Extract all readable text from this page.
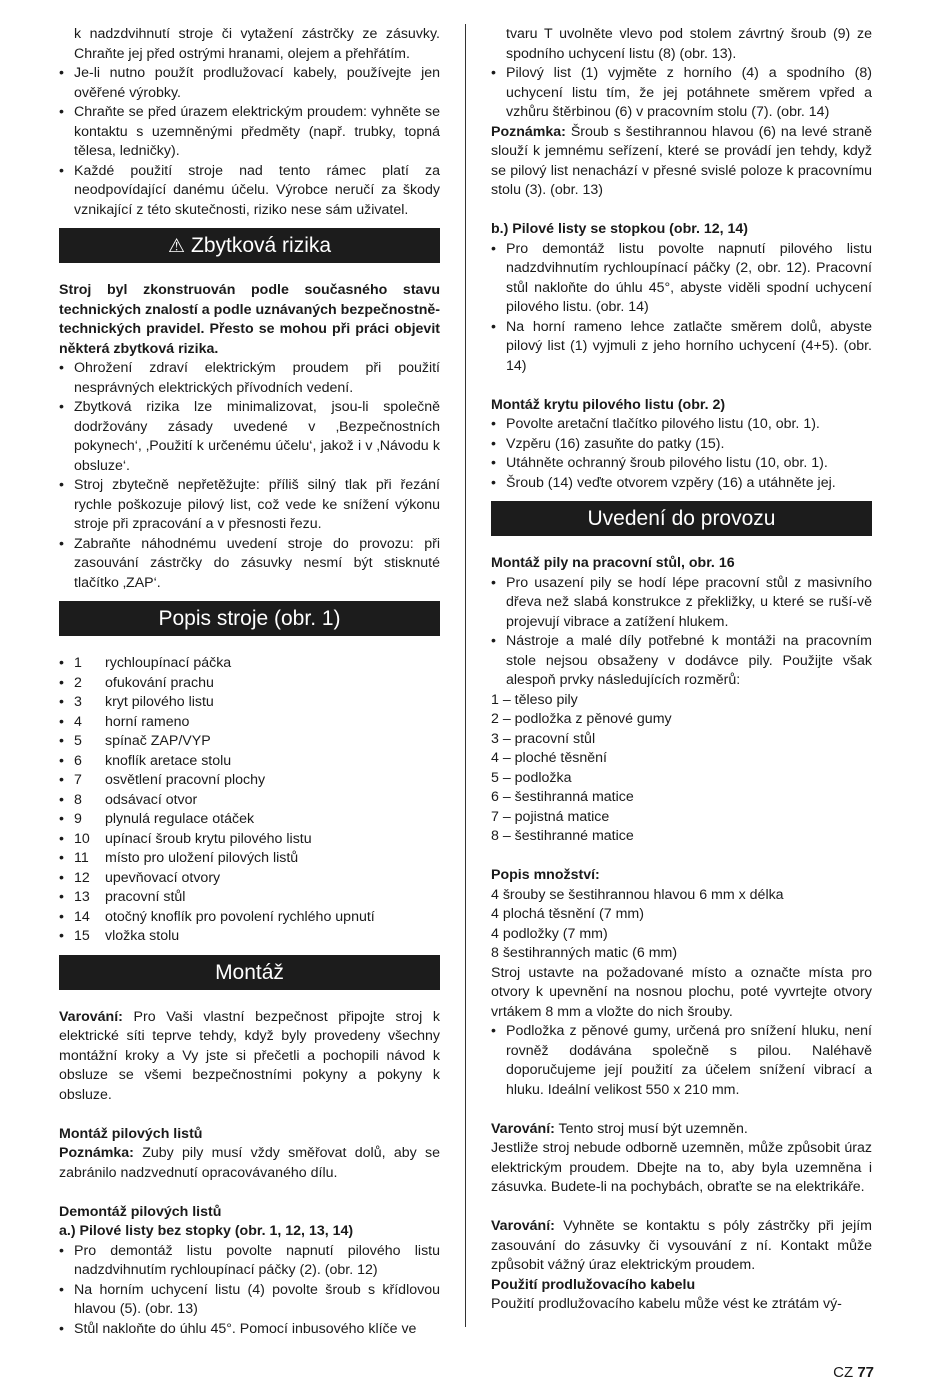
k nadzdvihnutí stroje či vytažení zástrčky ze zásuvky. Chraňte jej před ostrými hranami, olejem a přehřátím.

• Je-li nutno použít prodlužovací kabely, používejte jen ověřené výrobky.
• Chraňte se před úrazem elektrickým proudem: vyhněte se kontaktu s uzemněnými předměty (např. trubky, topná tělesa, ledničky).
• Každé použití stroje nad tento rámec platí za neodpovídající danému účelu. Výrobce neručí za škody vznikající z této skutečnosti, riziko nese sám uživatel.
⚠ Zbytková rizika

Stroj byl zkonstruován podle současného stavu technických znalostí a podle uznávaných bezpečnostně-technických pravidel. Přesto se mohou při práci objevit některá zbytková rizika.

• Ohrožení zdraví elektrickým proudem při použití nesprávných elektrických přívodních vedení.
• Zbytková rizika lze minimalizovat, jsou-li společně dodržovány zásady uvedené v ‚Bezpečnostních pokynech‘, ‚Použití k určenému účelu‘, jakož i v ‚Návodu k obsluze‘.
• Stroj zbytečně nepřetěžujte: příliš silný tlak při řezání rychle poškozuje pilový list, což vede ke snížení výkonu stroje při zpracování a v přesnosti řezu.
• Zabraňte náhodnému uvedení stroje do provozu: při zasouvání zástrčky do zásuvky nesmí být stisknuté tlačítko ‚ZAP‘.
Popis stroje (obr. 1)
• 1	rychloupínací páčka
• 2	ofukování prachu
• 3	kryt pilového listu
• 4	horní rameno
• 5	spínač ZAP/VYP
• 6	knoflík aretace stolu
• 7	osvětlení pracovní plochy
• 8	odsávací otvor
• 9	plynulá regulace otáček
• 10	upínací šroub krytu pilového listu
• 11	místo pro uložení pilových listů
• 12	upevňovací otvory
• 13	pracovní stůl
• 14	otočný knoflík pro povolení rychlého upnutí
• 15	vložka stolu
Montáž

Varování: Pro Vaši vlastní bezpečnost připojte stroj k elektrické síti teprve tehdy, když byly provedeny všechny montážní kroky a Vy jste si přečetli a pochopili návod k obsluze se všemi bezpečnostními pokyny a pokyny k obsluze.

Montáž pilových listů

Poznámka: Zuby pily musí vždy směřovat dolů, aby se zabránilo nadzvednutí opracovávaného dílu.

Demontáž pilových listů

a.) Pilové listy bez stopky (obr. 1, 12, 13, 14)

• Pro demontáž listu povolte napnutí pilového listu nadzdvihnutím rychloupínací páčky (2). (obr. 12)
• Na horním uchycení listu (4) povolte šroub s křídlovou hlavou (5). (obr. 13)
• Stůl nakloňte do úhlu 45°. Pomocí inbusového klíče ve

tvaru T uvolněte vlevo pod stolem závrtný šroub (9) ze spodního uchycení listu (8) (obr. 13).

• Pilový list (1) vyjměte z horního (4) a spodního (8) uchycení listu tím, že jej potáhnete směrem vpřed a vzhůru štěrbinou (6) v pracovním stolu (7). (obr. 14)

Poznámka: Šroub s šestihrannou hlavou (6) na levé straně slouží k jemnému seřízení, které se provádí jen tehdy, když se pilový list nenachází v přesné svislé poloze k pracovnímu stolu (3). (obr. 13)

b.) Pilové listy se stopkou (obr. 12, 14)

• Pro demontáž listu povolte napnutí pilového listu nadzdvihnutím rychloupínací páčky (2, obr. 12). Pracovní stůl nakloňte do úhlu 45°, abyste viděli spodní uchycení pilového listu. (obr. 14)
• Na horní rameno lehce zatlačte směrem dolů, abyste pilový list (1) vyjmuli z jeho horního uchycení (4+5). (obr. 14)

Montáž krytu pilového listu (obr. 2)

• Povolte aretační tlačítko pilového listu (10, obr. 1).
• Vzpěru (16) zasuňte do patky (15).
• Utáhněte ochranný šroub pilového listu (10, obr. 1).
• Šroub (14) veďte otvorem vzpěry (16) a utáhněte jej.
Uvedení do provozu

Montáž pily na pracovní stůl, obr. 16

• Pro usazení pily se hodí lépe pracovní stůl z masivního dřeva než slabá konstrukce z překližky, u které se ruší-vě projevují vibrace a zatížení hlukem.
• Nástroje a malé díly potřebné k montáži na pracovním stole nejsou obsaženy v dodávce pily. Použijte však alespoň prvky následujících rozměrů:

1 – těleso pily

2 – podložka z pěnové gumy

3 – pracovní stůl

4 – ploché těsnění

5 – podložka

6 – šestihranná matice

7 – pojistná matice

8 – šestihranné matice

Popis množství:

4 šrouby se šestihrannou hlavou 6 mm x délka

4 plochá těsnění (7 mm)

4 podložky (7 mm)

8 šestihranných matic (6 mm)

Stroj ustavte na požadované místo a označte místa pro otvory k upevnění na nosnou plochu, poté vyvrtejte otvory vrtákem 8 mm a vložte do nich šrouby.

• Podložka z pěnové gumy, určená pro snížení hluku, není rovněž dodávána společně s pilou. Naléhavě doporučujeme její použití za účelem snížení vibrací a hluku. Ideální velikost 550 x 210 mm.

Varování: Tento stroj musí být uzemněn.

Jestliže stroj nebude odborně uzemněn, může způsobit úraz elektrickým proudem. Dbejte na to, aby byla uzemněna i zásuvka. Budete-li na pochybách, obraťte se na elektrikáře.

Varování: Vyhněte se kontaktu s póly zástrčky při jejím zasouvání do zásuvky či vysouvání z ní. Kontakt může způsobit vážný úraz elektrickým proudem.

Použití prodlužovacího kabelu

Použití prodlužovacího kabelu může vést ke ztrátám vý-

CZ 77
